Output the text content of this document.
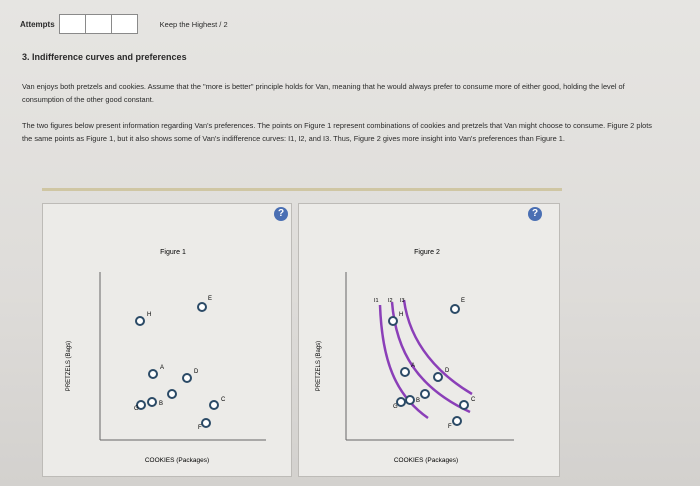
Attempts	Keep the Highest / 2
3. Indifference curves and preferences
Van enjoys both pretzels and cookies. Assume that the "more is better" principle holds for Van, meaning that he would always prefer to consume more of either good, holding the level of consumption of the other good constant.
The two figures below present information regarding Van's preferences. The points on Figure 1 represent combinations of cookies and pretzels that Van might choose to consume. Figure 2 plots the same points as Figure 1, but it also shows some of Van's indifference curves: I1, I2, and I3. Thus, Figure 2 gives more insight into Van's preferences than Figure 1.
?	?
Figure 1
PRETZELS (Bags)
COOKIES (Packages)
H
E
A
D
G
B
C
F
Figure 2
PRETZELS (Bags)
COOKIES (Packages)
I1 I2 I3
H
E
A
D
G
B	C
F
